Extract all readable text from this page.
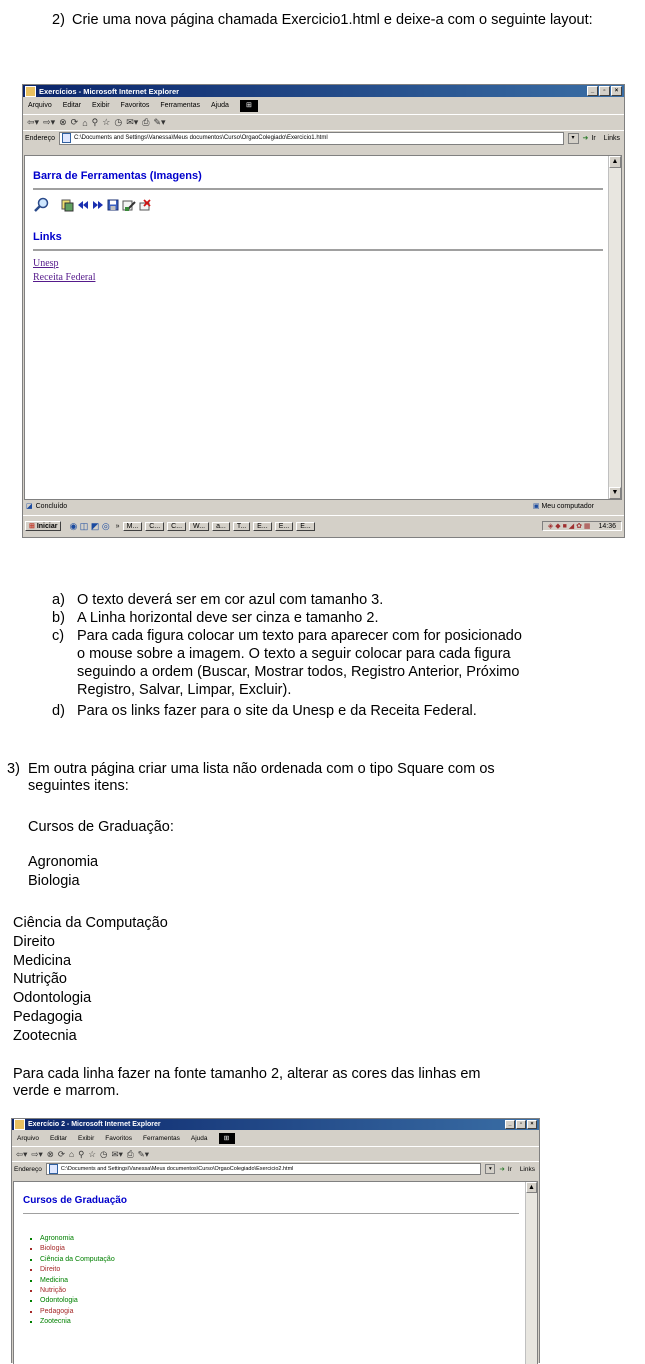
2) Crie uma nova página chamada Exercicio1.html e deixe-a com o seguinte layout:
Exercícios - Microsoft Internet Explorer	_	▫	×
Arquivo Editar Exibir Favoritos Ferramentas Ajuda	⊞
⇦▾ ⇨▾ ⊗ ⟳ ⌂ ⚲ ☆ ◷ ✉▾ ⎙ ✎▾
Endereço	C:\Documents and Settings\Vanessa\Meus documentos\Curso\OrgaoColegiado\Exercicio1.html	▾	➜ Ir Links
Barra de Ferramentas (Imagens)
Links
Unesp
Receita Federal
▲
▼
◪ Concluído	▣ Meu computador
⊞ Iniciar	◉ ◫ ◩ ◎ »	M...	C...	C...	W...	a...	T...	E...	E...	E...	◈ ◆ ■ ◢ ✿ ▦ 14:36
a) O texto deverá ser em cor azul com tamanho 3.
b) A Linha horizontal deve ser cinza e tamanho 2.
c) Para cada figura colocar um texto para aparecer com for posicionado
o mouse sobre a imagem. O texto a seguir colocar para cada figura
seguindo a ordem (Buscar, Mostrar todos, Registro Anterior, Próximo
Registro, Salvar, Limpar, Excluir).
d) Para os links fazer para o site da Unesp e da Receita Federal.
3) Em outra página criar uma lista não ordenada com o tipo Square com os
seguintes itens:
Cursos de Graduação:
Agronomia
Biologia
Ciência da Computação
Direito
Medicina
Nutrição
Odontologia
Pedagogia
Zootecnia
Para cada linha fazer na fonte tamanho 2, alterar as cores das linhas em
verde e marrom.
Exercício 2 - Microsoft Internet Explorer	_	▫	×
Arquivo Editar Exibir Favoritos Ferramentas Ajuda	⊞
⇦▾ ⇨▾ ⊗ ⟳ ⌂ ⚲ ☆ ◷ ✉▾ ⎙ ✎▾
Endereço	C:\Documents and Settings\Vanessa\Meus documentos\Curso\OrgaoColegiado\Exercicio2.html	▾	➜ Ir Links
Cursos de Graduação
▪ Agronomia
▪ Biologia
▪ Ciência da Computação
▪ Direito
▪ Medicina
▪ Nutrição
▪ Odontologia
▪ Pedagogia
▪ Zootecnia
▲
